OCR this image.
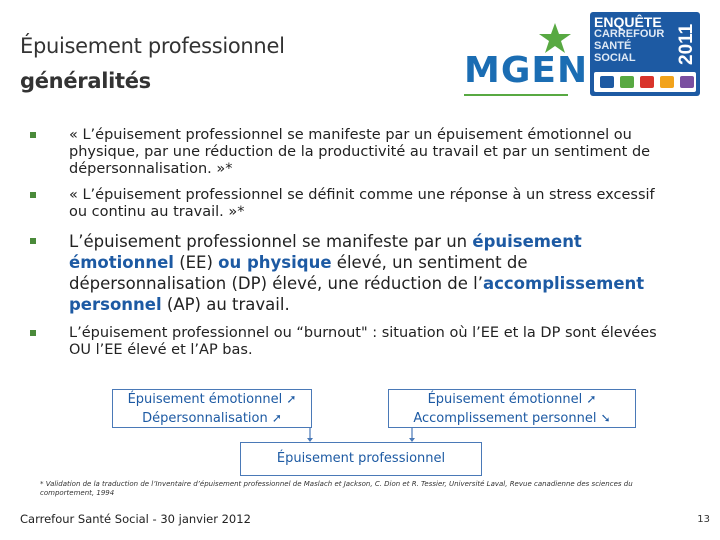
Épuisement professionnel
généralités	MGEN
ENQUÊTE
CARREFOUR
SANTÉ SOCIAL	2011
« L’épuisement professionnel se manifeste par un épuisement émotionnel ou physique, par une réduction de la productivité au travail et par un sentiment de dépersonnalisation. »*
« L’épuisement professionnel se définit comme une réponse à un stress excessif ou continu au travail. »*
L’épuisement professionnel se manifeste par un épuisement émotionnel (EE) ou physique élevé, un sentiment de dépersonnalisation (DP) élevé, une réduction de l’accomplissement personnel (AP) au travail.
L’épuisement professionnel ou “burnout" : situation où l’EE et la DP sont élevées OU l’EE élevé et l’AP bas.
Épuisement émotionnel ➚
Dépersonnalisation ➚
Épuisement émotionnel ➚
Accomplissement personnel ➘
Épuisement professionnel
* Validation de la traduction de l’Inventaire d’épuisement professionnel de Maslach et Jackson, C. Dion et R. Tessier, Université Laval, Revue canadienne des sciences du comportement, 1994
Carrefour Santé Social - 30 janvier 2012	13
